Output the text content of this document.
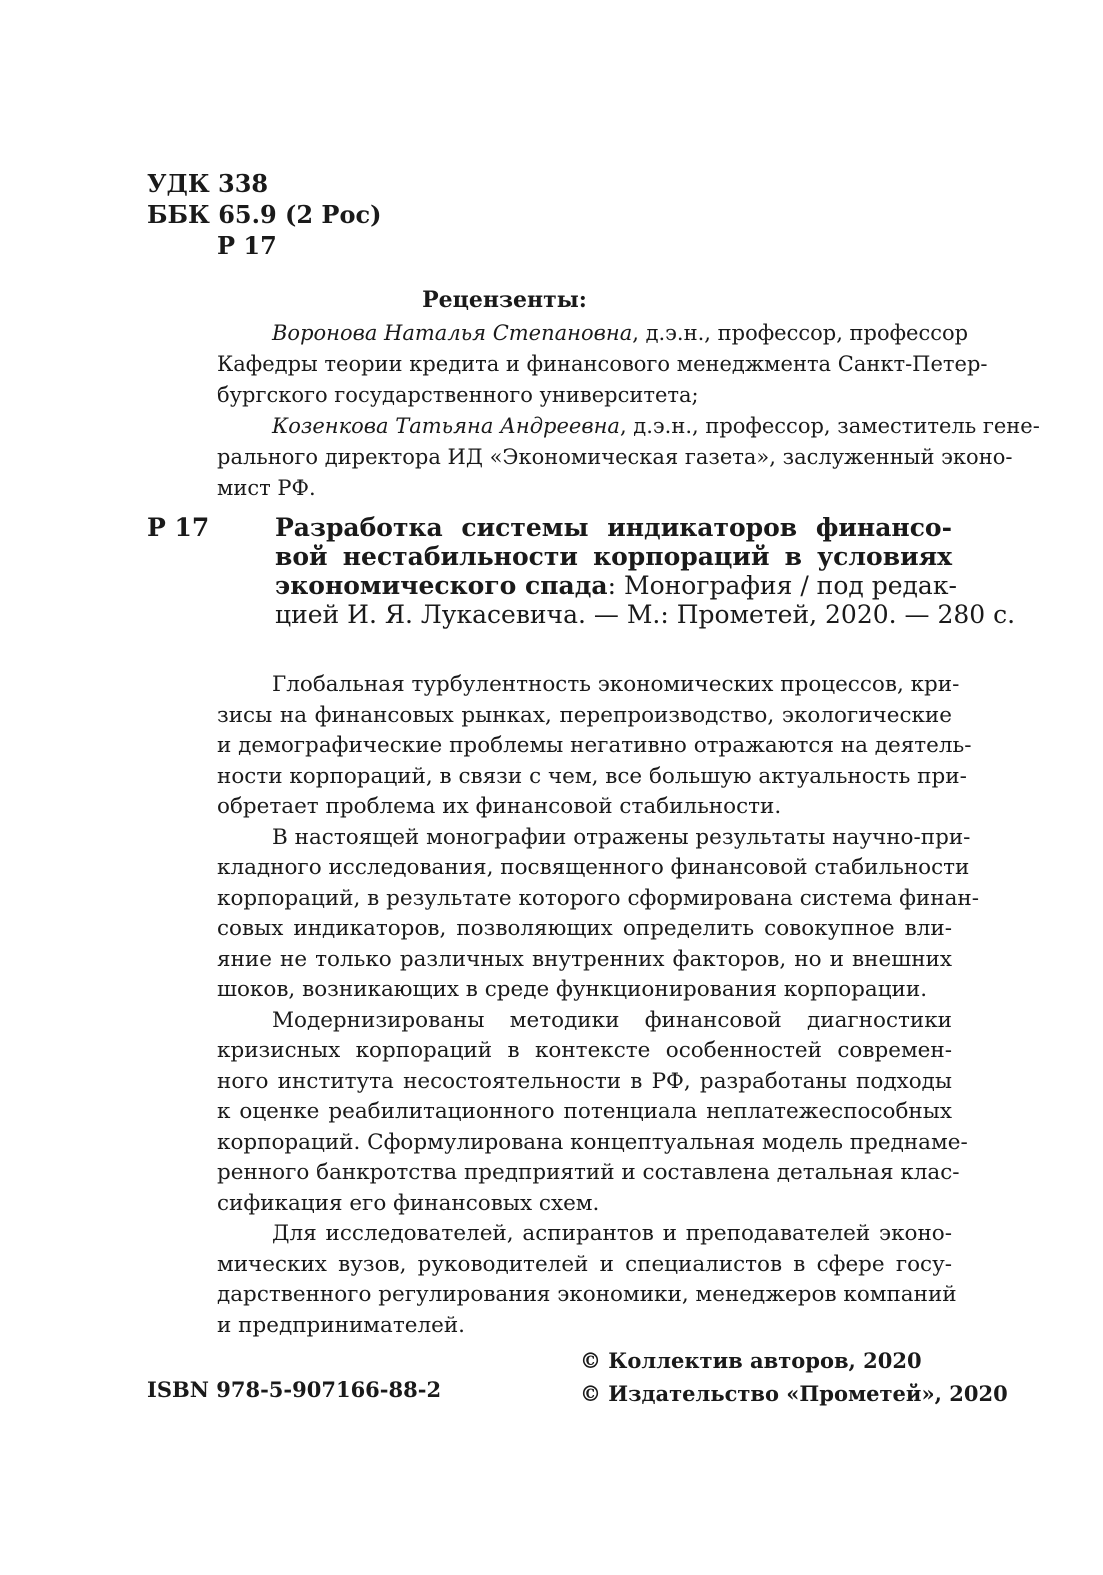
УДК 338
ББК 65.9 (2 Рос)
Р 17
Рецензенты:
Воронова Наталья Степановна, д.э.н., профессор, профессор
Кафедры теории кредита и финансового менеджмента Санкт-Петер-
бургского государственного университета;
Козенкова Татьяна Андреевна, д.э.н., профессор, заместитель гене-
рального директора ИД «Экономическая газета», заслуженный эконо-
мист РФ.
Р 17	Разработка системы индикаторов финансо-
вой нестабильности корпораций в условиях
экономического спада: Монография / под редак-
цией И. Я. Лукасевича. — М.: Прометей, 2020. — 280 с.
Глобальная турбулентность экономических процессов, кри-
зисы на финансовых рынках, перепроизводство, экологические
и демографические проблемы негативно отражаются на деятель-
ности корпораций, в связи с чем, все большую актуальность при-
обретает проблема их финансовой стабильности.
В настоящей монографии отражены результаты научно-при-
кладного исследования, посвященного финансовой стабильности
корпораций, в результате которого сформирована система финан-
совых индикаторов, позволяющих определить совокупное вли-
яние не только различных внутренних факторов, но и внешних
шоков, возникающих в среде функционирования корпорации.
Модернизированы методики финансовой диагностики
кризисных корпораций в контексте особенностей современ-
ного института несостоятельности в РФ, разработаны подходы
к оценке реабилитационного потенциала неплатежеспособных
корпораций. Сформулирована концептуальная модель преднаме-
ренного банкротства предприятий и составлена детальная клас-
сификация его финансовых схем.
Для исследователей, аспирантов и преподавателей эконо-
мических вузов, руководителей и специалистов в сфере госу-
дарственного регулирования экономики, менеджеров компаний
и предпринимателей.
© Коллектив авторов, 2020
© Издательство «Прометей», 2020
ISBN 978-5-907166-88-2
